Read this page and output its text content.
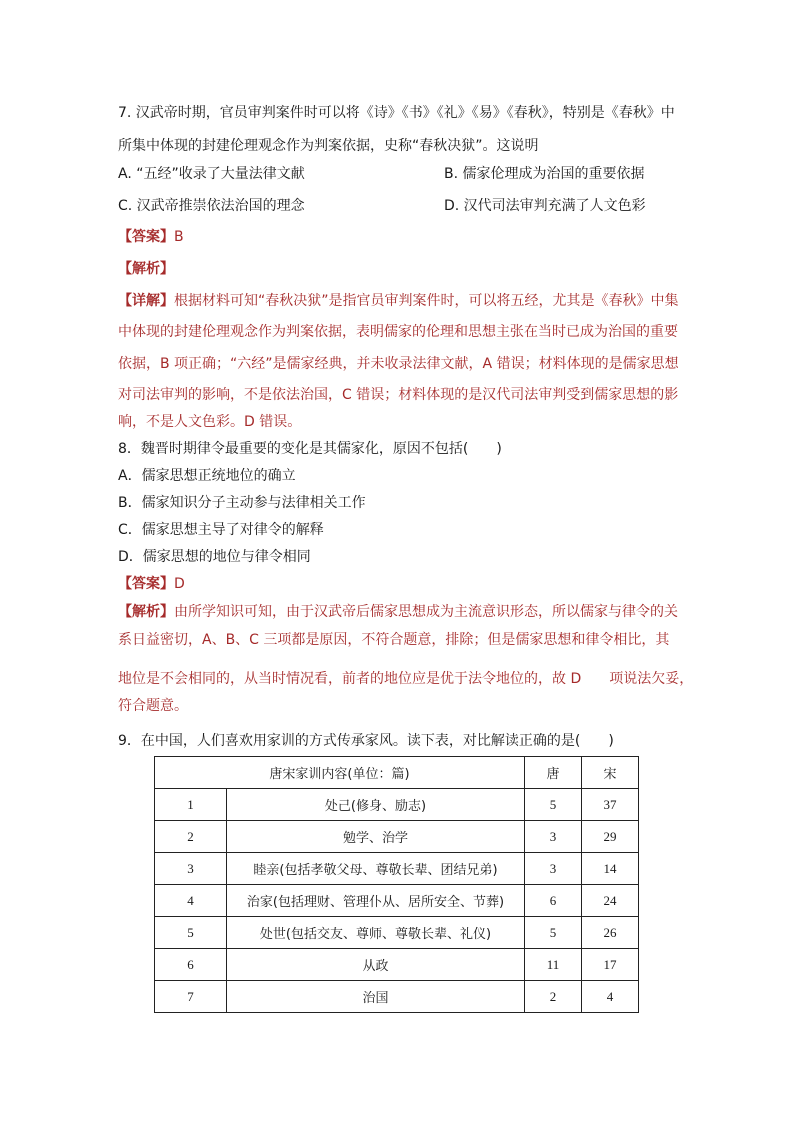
7. 汉武帝时期，官员审判案件时可以将《诗》《书》《礼》《易》《春秋》，特别是《春秋》中
所集中体现的封建伦理观念作为判案依据，史称“春秋决狱”。这说明
A. “五经”收录了大量法律文献	B. 儒家伦理成为治国的重要依据
C. 汉武帝推崇依法治国的理念	D. 汉代司法审判充满了人文色彩
【答案】B
【解析】
【详解】根据材料可知“春秋决狱”是指官员审判案件时，可以将五经，尤其是《春秋》中集
中体现的封建伦理观念作为判案依据，表明儒家的伦理和思想主张在当时已成为治国的重要
依据，B 项正确；“六经”是儒家经典，并未收录法律文献，A 错误；材料体现的是儒家思想
对司法审判的影响，不是依法治国，C 错误；材料体现的是汉代司法审判受到儒家思想的影
响，不是人文色彩。D 错误。
8．魏晋时期律令最重要的变化是其儒家化，原因不包括(　　)
A．儒家思想正统地位的确立
B．儒家知识分子主动参与法律相关工作
C．儒家思想主导了对律令的解释
D．儒家思想的地位与律令相同
【答案】D
【解析】由所学知识可知，由于汉武帝后儒家思想成为主流意识形态，所以儒家与律令的关
系日益密切，A、B、C 三项都是原因，不符合题意，排除；但是儒家思想和律令相比，其
地位是不会相同的，从当时情况看，前者的地位应是优于法令地位的，故 D　　项说法欠妥，
符合题意。
9．在中国，人们喜欢用家训的方式传承家风。读下表，对比解读正确的是(　　)
唐宋家训内容(单位：篇)		唐	宋
1	处己(修身、励志)	5	37
2	勉学、治学	3	29
3	睦亲(包括孝敬父母、尊敬长辈、团结兄弟)	3	14
4	治家(包括理财、管理仆从、居所安全、节葬)	6	24
5	处世(包括交友、尊师、尊敬长辈、礼仪)	5	26
6	从政	11	17
7	治国	2	4
